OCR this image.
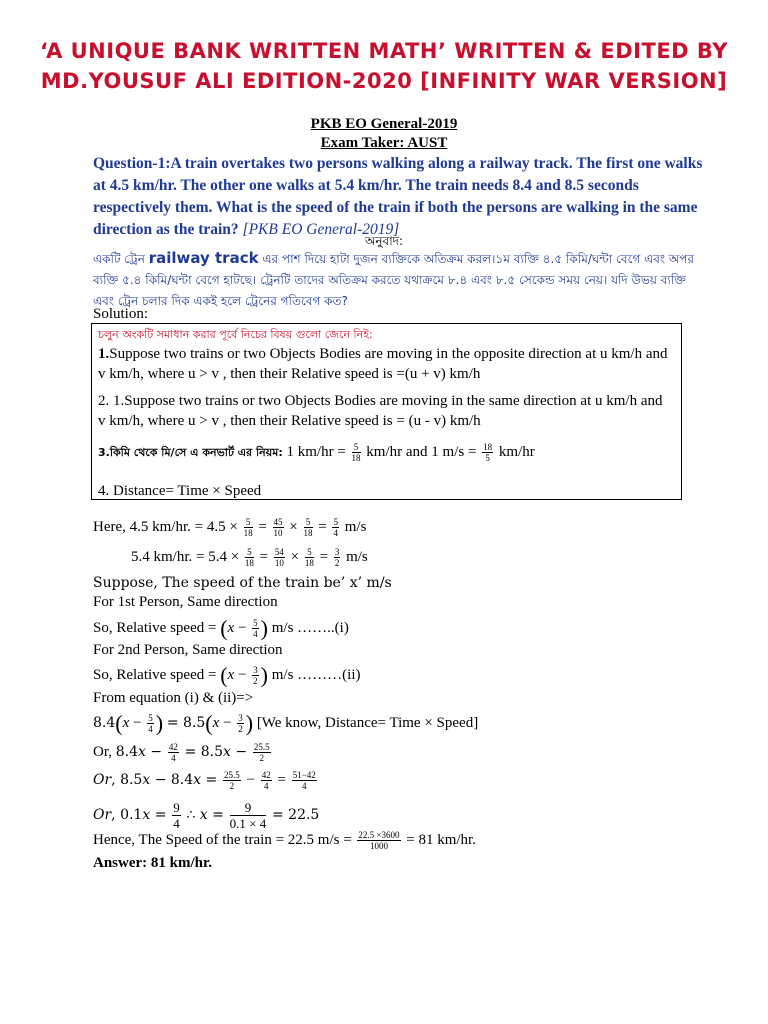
‘A UNIQUE BANK WRITTEN MATH’ WRITTEN & EDITED BY
MD.YOUSUF ALI EDITION-2020 [INFINITY WAR VERSION]
PKB EO General-2019
Exam Taker: AUST
Question-1:A train overtakes two persons walking along a railway track. The first one walks at 4.5 km/hr. The other one walks at 5.4 km/hr. The train needs 8.4 and 8.5 seconds respectively them. What is the speed of the train if both the persons are walking in the same direction as the train? [PKB EO General-2019]
অনুবাদ:
একটি ট্রেন railway track এর পাশ দিয়ে হাটা দুজন ব্যক্তিকে অতিক্রম করল।১ম ব্যক্তি ৪.৫ কিমি/ঘন্টা বেগে এবং অপর ব্যক্তি ৫.৪ কিমি/ঘন্টা বেগে হাটছে। ট্রেনটি তাদের অতিক্রম করতে যথাক্রমে ৮.৪ এবং ৮.৫ সেকেন্ড সময় নেয়। যদি উভয় ব্যক্তি এবং ট্রেন চলার দিক একই হলে ট্রেনের গতিবেগ কত?
Solution:
চলুন অংকটি সমাধান করার পূর্বে নিচের বিষয় গুলো জেনে নিই:
1.Suppose two trains or two Objects Bodies are moving in the opposite direction at u km/h and v km/h, where u > v , then their Relative speed is =(u + v) km/h
2. 1.Suppose two trains or two Objects Bodies are moving in the same direction at u km/h and v km/h, where u > v , then their Relative speed is = (u - v) km/h
3.কিমি থেকে মি/সে এ কনভার্ট এর নিয়ম: 1 $km/hr = \frac{5}{18} km/hr$ and 1 $m/s = \frac{18}{5} km/hr$
4. Distance= Time × Speed
Here, 4.5 km/hr. = $4.5 \times \frac{5}{18} = \frac{45}{10} \times \frac{5}{18} = \frac{5}{4} m/s$
5.4 km/hr. = $5.4 \times \frac{5}{18} = \frac{54}{10} \times \frac{5}{18} = \frac{3}{2} m/s$
Suppose, The speed of the train be’ x’ m/s
For 1st Person, Same direction
So, Relative speed = ($x - \frac{5}{4}$ ) m/s ……..(i)
For 2nd Person, Same direction
So, Relative speed = ($x - \frac{3}{2}$ ) m/s ………(ii)
From equation (i) & (ii)=>
$8.4(x - \frac{5}{4}$ ) = $8.5(x - \frac{3}{2}$ ) [We know, Distance= Time × Speed]
Or, $8.4x - \frac{42}{4} = 8.5x - \frac{25.5}{2}$
Or, $8.5x - 8.4x = \frac{25.5}{2} - \frac{42}{4} = \frac{51-42}{4}$
Or, $0.1x = \frac{9}{4}$ ∴ $x = \frac{9}{0.1 \times 4} = 22.5$
Hence, The Speed of the train = 22.5 $m/s = \frac{22.5 \times 3600}{1000} = 81$ km/hr.
Answer: 81 km/hr.
